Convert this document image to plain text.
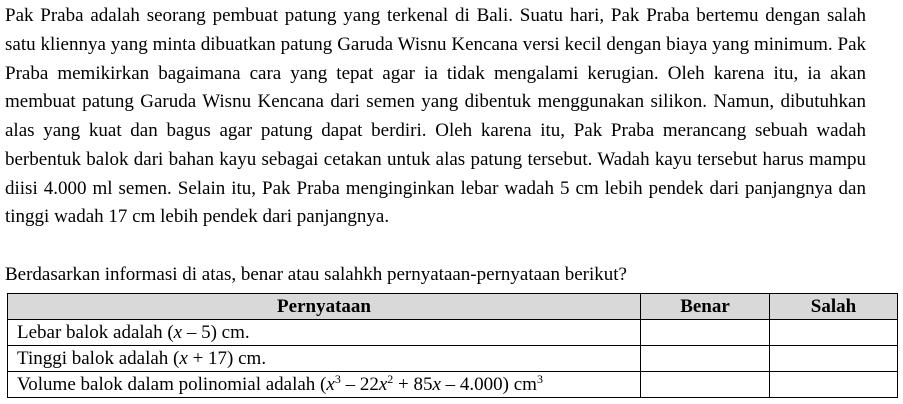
Pak Praba adalah seorang pembuat patung yang terkenal di Bali. Suatu hari, Pak Praba bertemu dengan salah satu kliennya yang minta dibuatkan patung Garuda Wisnu Kencana versi kecil dengan biaya yang minimum. Pak Praba memikirkan bagaimana cara yang tepat agar ia tidak mengalami kerugian. Oleh karena itu, ia akan membuat patung Garuda Wisnu Kencana dari semen yang dibentuk menggunakan silikon. Namun, dibutuhkan alas yang kuat dan bagus agar patung dapat berdiri. Oleh karena itu, Pak Praba merancang sebuah wadah berbentuk balok dari bahan kayu sebagai cetakan untuk alas patung tersebut. Wadah kayu tersebut harus mampu diisi 4.000 ml semen. Selain itu, Pak Praba menginginkan lebar wadah 5 cm lebih pendek dari panjangnya dan tinggi wadah 17 cm lebih pendek dari panjangnya.

Berdasarkan informasi di atas, benar atau salahkh pernyataan-pernyataan berikut?

Pernyataan	Benar	Salah
Lebar balok adalah (x – 5) cm.		
Tinggi balok adalah (x + 17) cm.		
Volume balok dalam polinomial adalah $(x^3 - 22x^2 + 85x - 4.000)$ $cm^3$		
